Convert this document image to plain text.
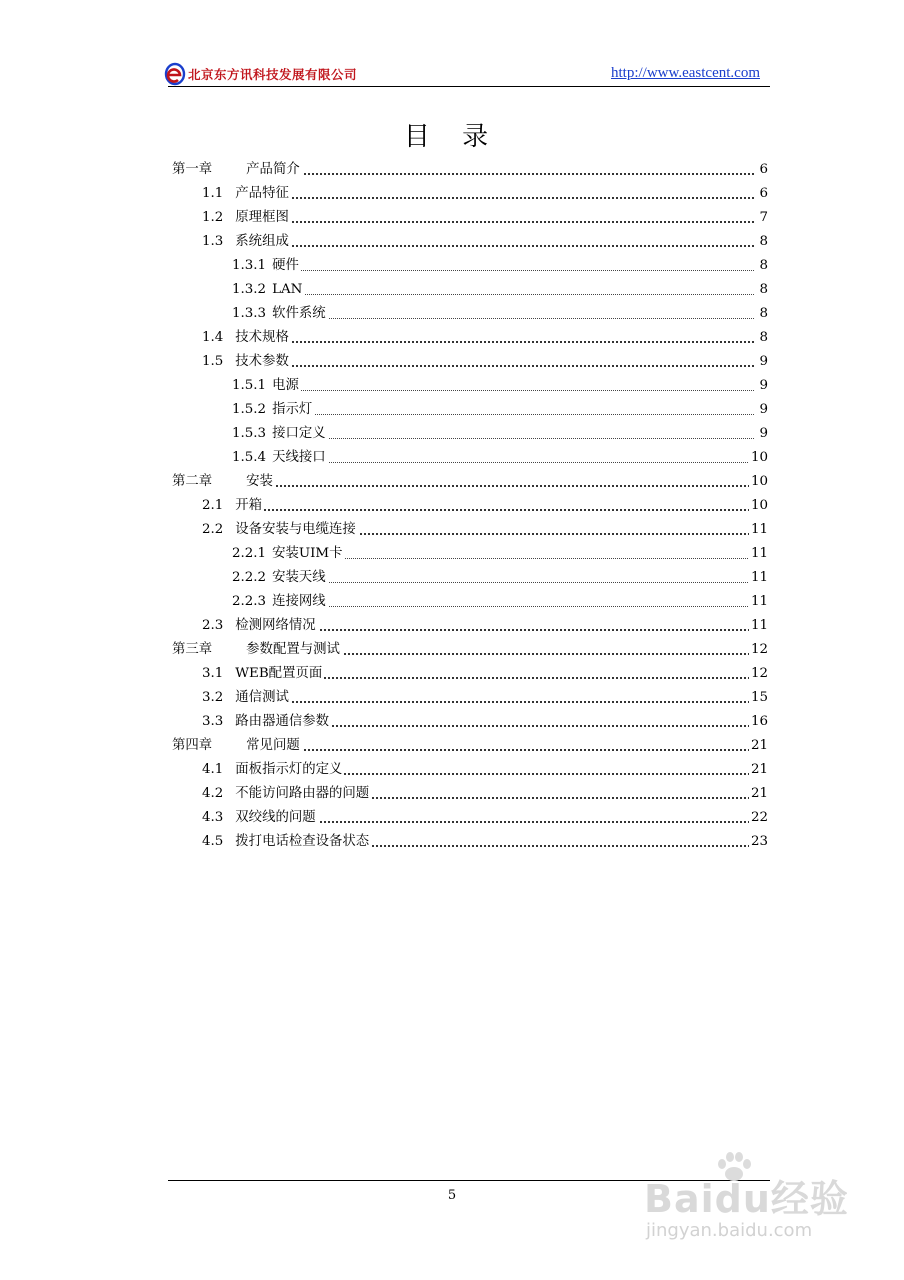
北京东方讯科技发展有限公司	http://www.eastcent.com
目 录
第一章	产品简介	6
1.1 产品特征	6
1.2 原理框图	7
1.3 系统组成	8
1.3.1 硬件	8
1.3.2 LAN	8
1.3.3 软件系统	8
1.4 技术规格	8
1.5 技术参数	9
1.5.1 电源	9
1.5.2 指示灯	9
1.5.3 接口定义	9
1.5.4 天线接口	10
第二章	安装	10
2.1 开箱	10
2.2 设备安装与电缆连接	11
2.2.1 安装UIM卡	11
2.2.2 安装天线	11
2.2.3 连接网线	11
2.3 检测网络情况	11
第三章	参数配置与测试	12
3.1 WEB配置页面	12
3.2 通信测试	15
3.3 路由器通信参数	16
第四章	常见问题	21
4.1 面板指示灯的定义	21
4.2 不能访问路由器的问题	21
4.3 双绞线的问题	22
4.5 拨打电话检查设备状态	23
5	Baidu经验
jingyan.baidu.com
